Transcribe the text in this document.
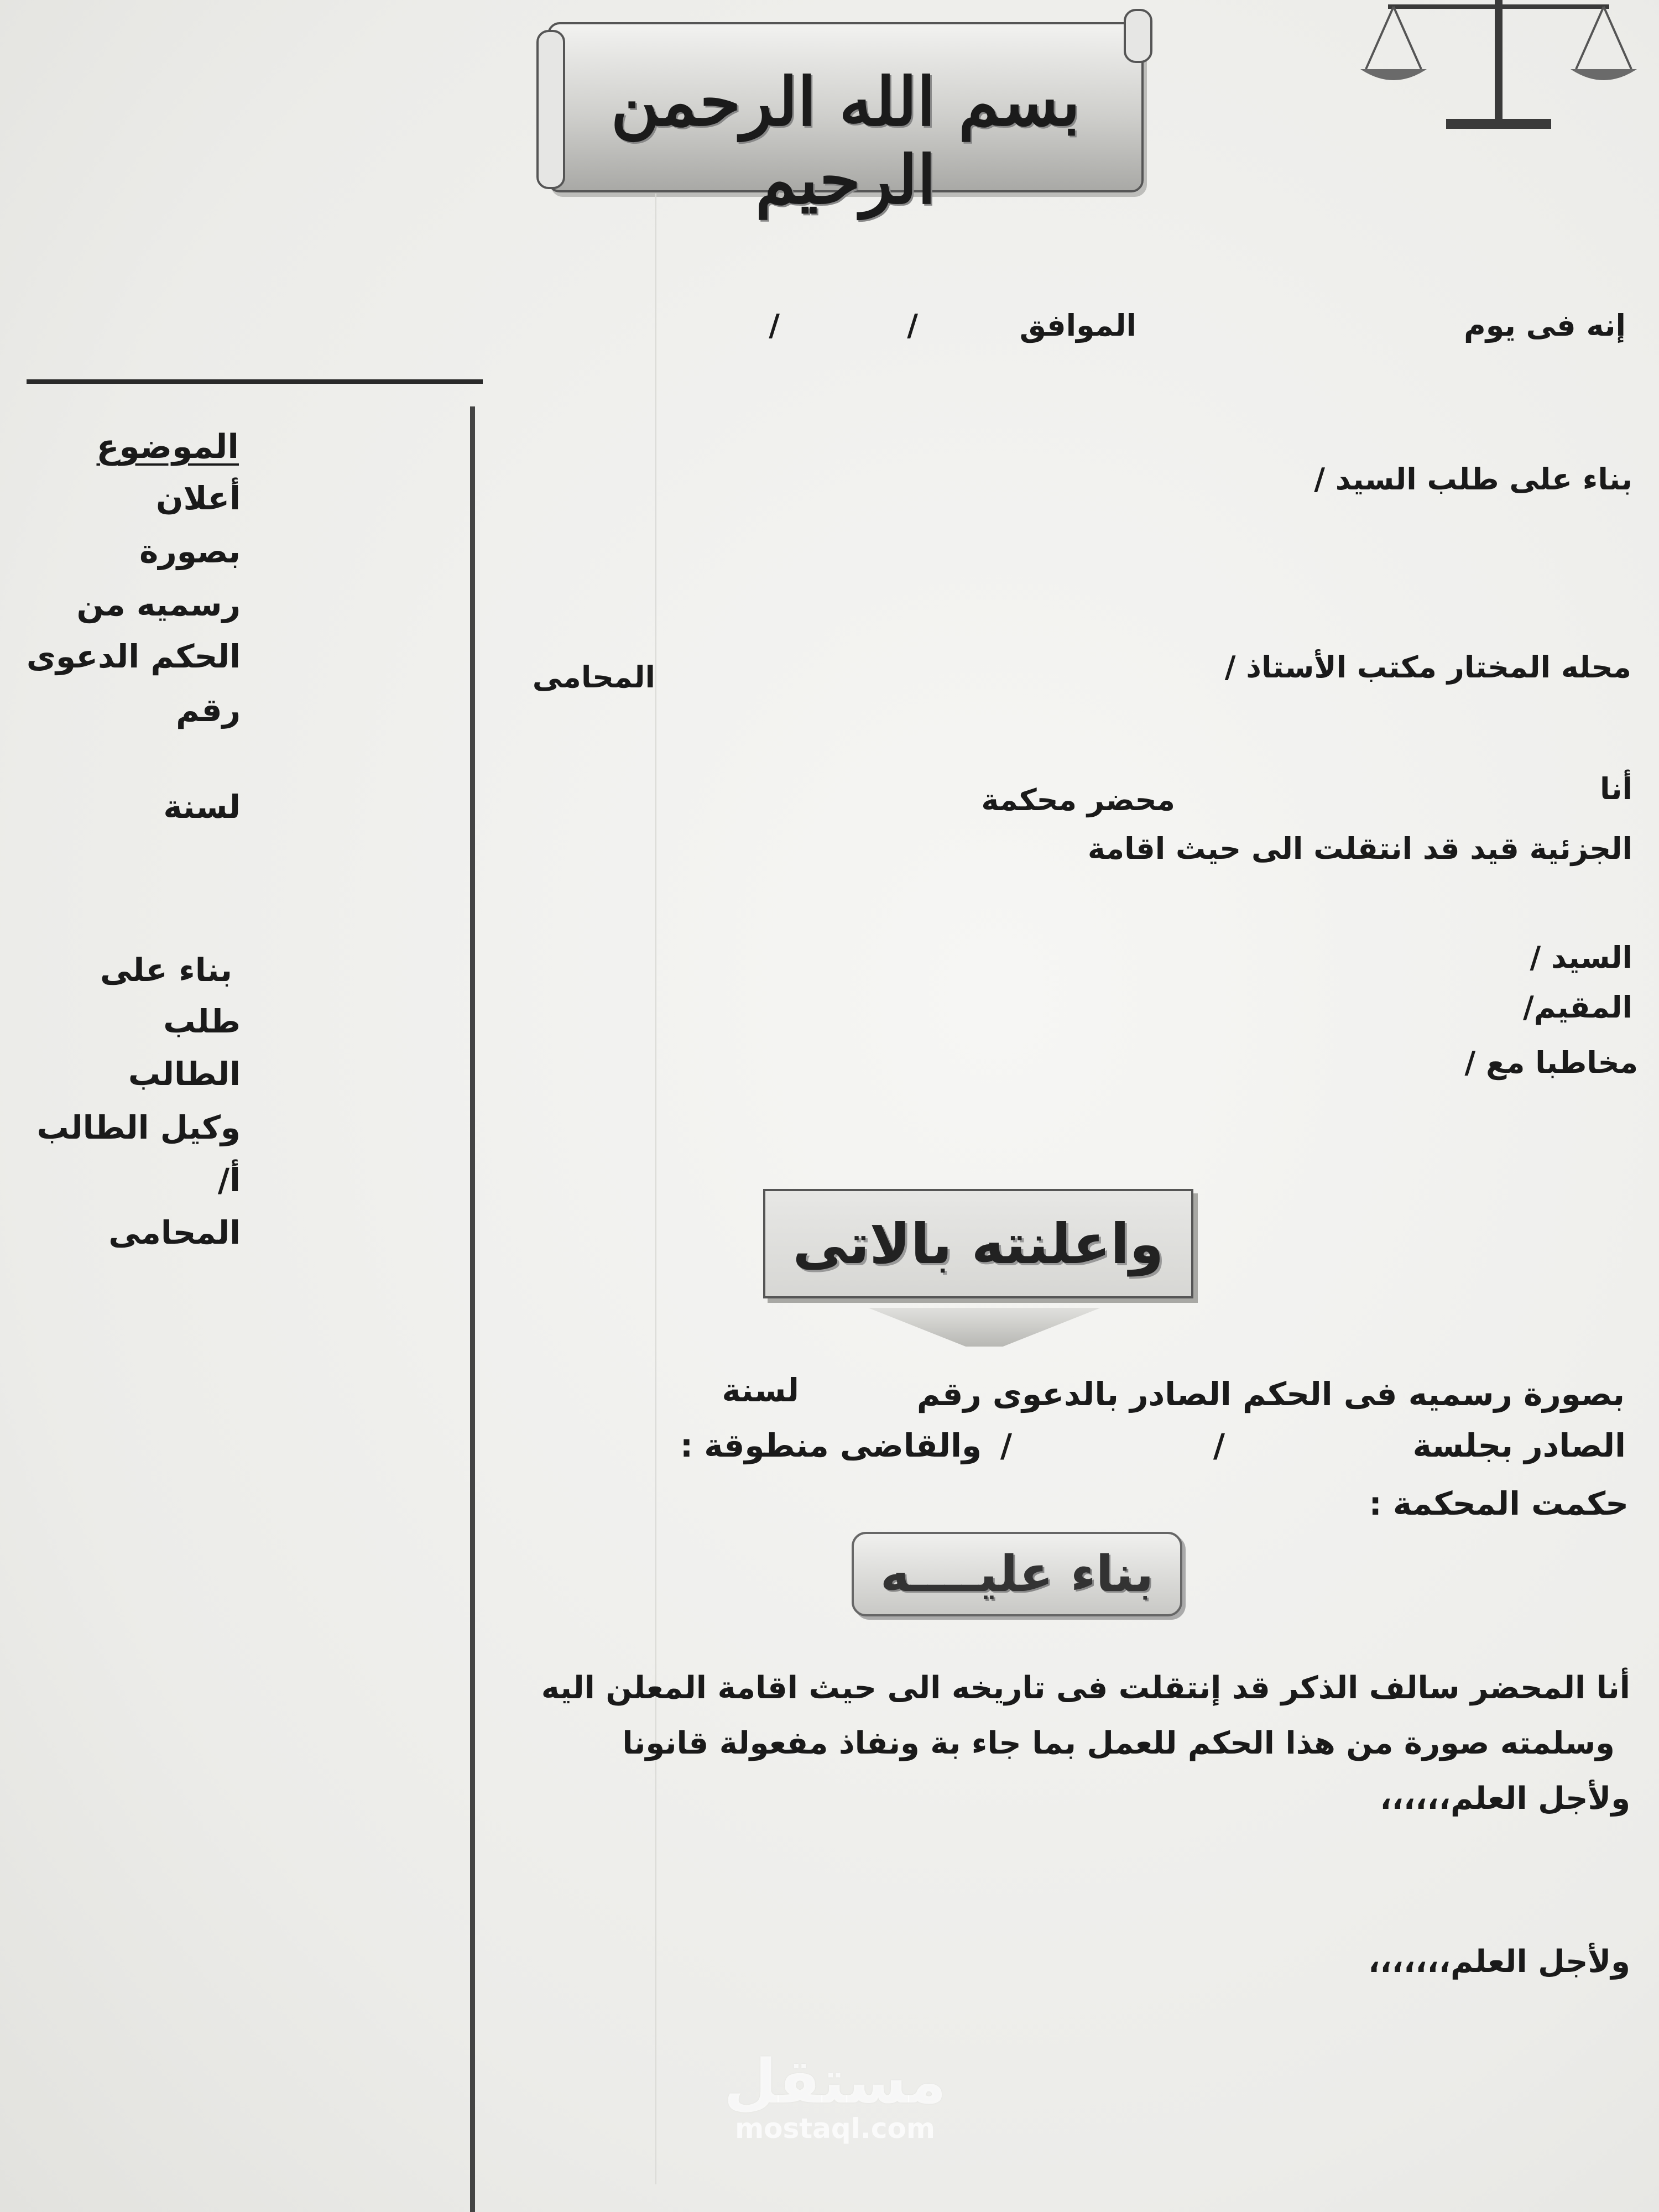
بسم الله الرحمن الرحيم
الموضوع
أعلان
بصورة
رسميه من
الحكم الدعوى
رقم
لسنة
بناء على
طلب
الطالب
وكيل الطالب
أ/
المحامى
إنه فى يوم
الموافق
/
/
بناء على طلب السيد /
محله المختار مكتب الأستاذ /
المحامى
أنا
محضر محكمة
الجزئية قيد قد انتقلت الى حيث اقامة
السيد /
المقيم/
مخاطبا مع /
واعلنته بالاتى
بصورة رسميه فى الحكم الصادر بالدعوى رقم
لسنة
الصادر بجلسة
/
/
والقاضى منطوقة :
حكمت المحكمة :
بناء عليــــه
أنا المحضر سالف الذكر قد إنتقلت فى تاريخه الى حيث اقامة المعلن اليه
وسلمته صورة من هذا الحكم للعمل بما جاء بة ونفاذ مفعولة قانونا
ولأجل العلم،،،،،،
ولأجل العلم،،،،،،،
مستقل
mostaql.com
